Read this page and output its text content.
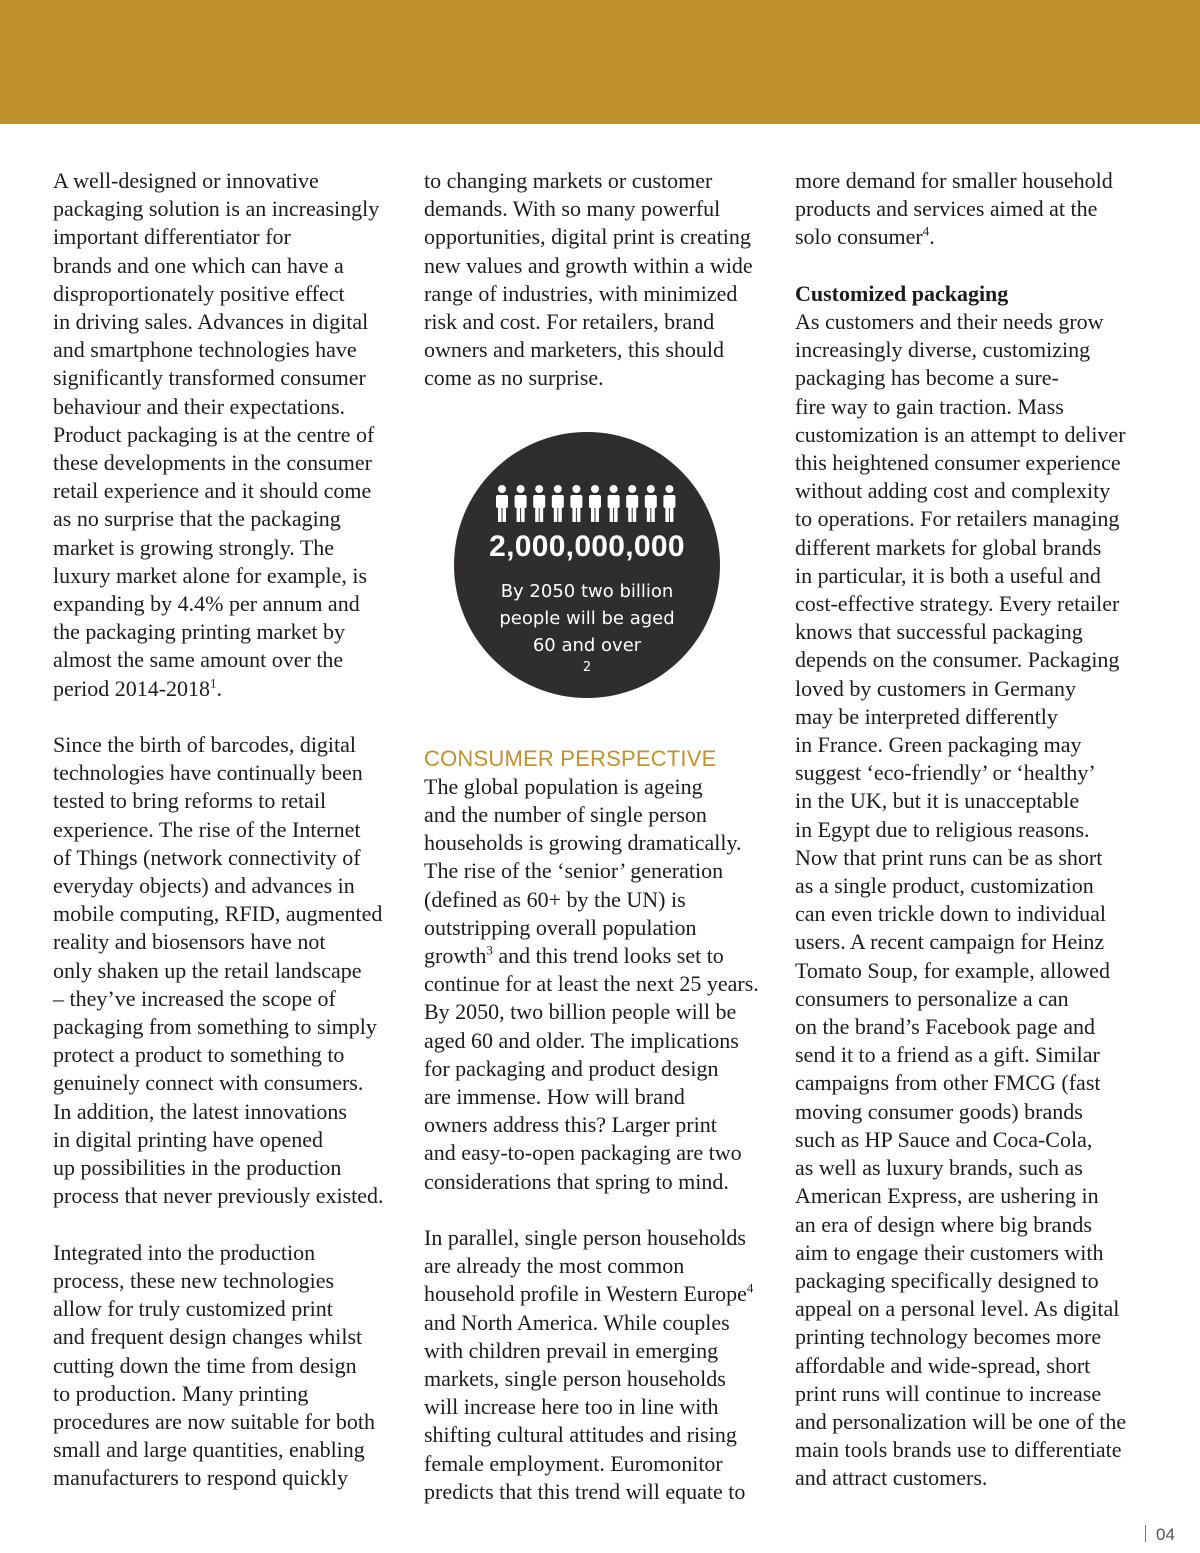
A well-designed or innovative
packaging solution is an increasingly
important differentiator for
brands and one which can have a
disproportionately positive effect
in driving sales. Advances in digital
and smartphone technologies have
significantly transformed consumer
behaviour and their expectations.
Product packaging is at the centre of
these developments in the consumer
retail experience and it should come
as no surprise that the packaging
market is growing strongly. The
luxury market alone for example, is
expanding by 4.4% per annum and
the packaging printing market by
almost the same amount over the
period 2014-2018$^1$.
Since the birth of barcodes, digital
technologies have continually been
tested to bring reforms to retail
experience. The rise of the Internet
of Things (network connectivity of
everyday objects) and advances in
mobile computing, RFID, augmented
reality and biosensors have not
only shaken up the retail landscape
– they’ve increased the scope of
packaging from something to simply
protect a product to something to
genuinely connect with consumers.
In addition, the latest innovations
in digital printing have opened
up possibilities in the production
process that never previously existed.
Integrated into the production
process, these new technologies
allow for truly customized print
and frequent design changes whilst
cutting down the time from design
to production. Many printing
procedures are now suitable for both
small and large quantities, enabling
manufacturers to respond quickly
to changing markets or customer
demands. With so many powerful
opportunities, digital print is creating
new values and growth within a wide
range of industries, with minimized
risk and cost. For retailers, brand
owners and marketers, this should
come as no surprise.
CONSUMER PERSPECTIVE
The global population is ageing
and the number of single person
households is growing dramatically.
The rise of the ‘senior’ generation
(defined as 60+ by the UN) is
outstripping overall population
growth$^3$ and this trend looks set to
continue for at least the next 25 years.
By 2050, two billion people will be
aged 60 and older. The implications
for packaging and product design
are immense. How will brand
owners address this? Larger print
and easy-to-open packaging are two
considerations that spring to mind.
In parallel, single person households
are already the most common
household profile in Western Europe$^4$
and North America. While couples
with children prevail in emerging
markets, single person households
will increase here too in line with
shifting cultural attitudes and rising
female employment. Euromonitor
predicts that this trend will equate to
2,000,000,000
By 2050 two billion
people will be aged
60 and over
$^2$
more demand for smaller household
products and services aimed at the
solo consumer$^4$.
Customized packaging
As customers and their needs grow
increasingly diverse, customizing
packaging has become a sure-
fire way to gain traction. Mass
customization is an attempt to deliver
this heightened consumer experience
without adding cost and complexity
to operations. For retailers managing
different markets for global brands
in particular, it is both a useful and
cost-effective strategy. Every retailer
knows that successful packaging
depends on the consumer. Packaging
loved by customers in Germany
may be interpreted differently
in France. Green packaging may
suggest ‘eco-friendly’ or ‘healthy’
in the UK, but it is unacceptable
in Egypt due to religious reasons.
Now that print runs can be as short
as a single product, customization
can even trickle down to individual
users. A recent campaign for Heinz
Tomato Soup, for example, allowed
consumers to personalize a can
on the brand’s Facebook page and
send it to a friend as a gift. Similar
campaigns from other FMCG (fast
moving consumer goods) brands
such as HP Sauce and Coca-Cola,
as well as luxury brands, such as
American Express, are ushering in
an era of design where big brands
aim to engage their customers with
packaging specifically designed to
appeal on a personal level. As digital
printing technology becomes more
affordable and wide-spread, short
print runs will continue to increase
and personalization will be one of the
main tools brands use to differentiate
and attract customers.
04
